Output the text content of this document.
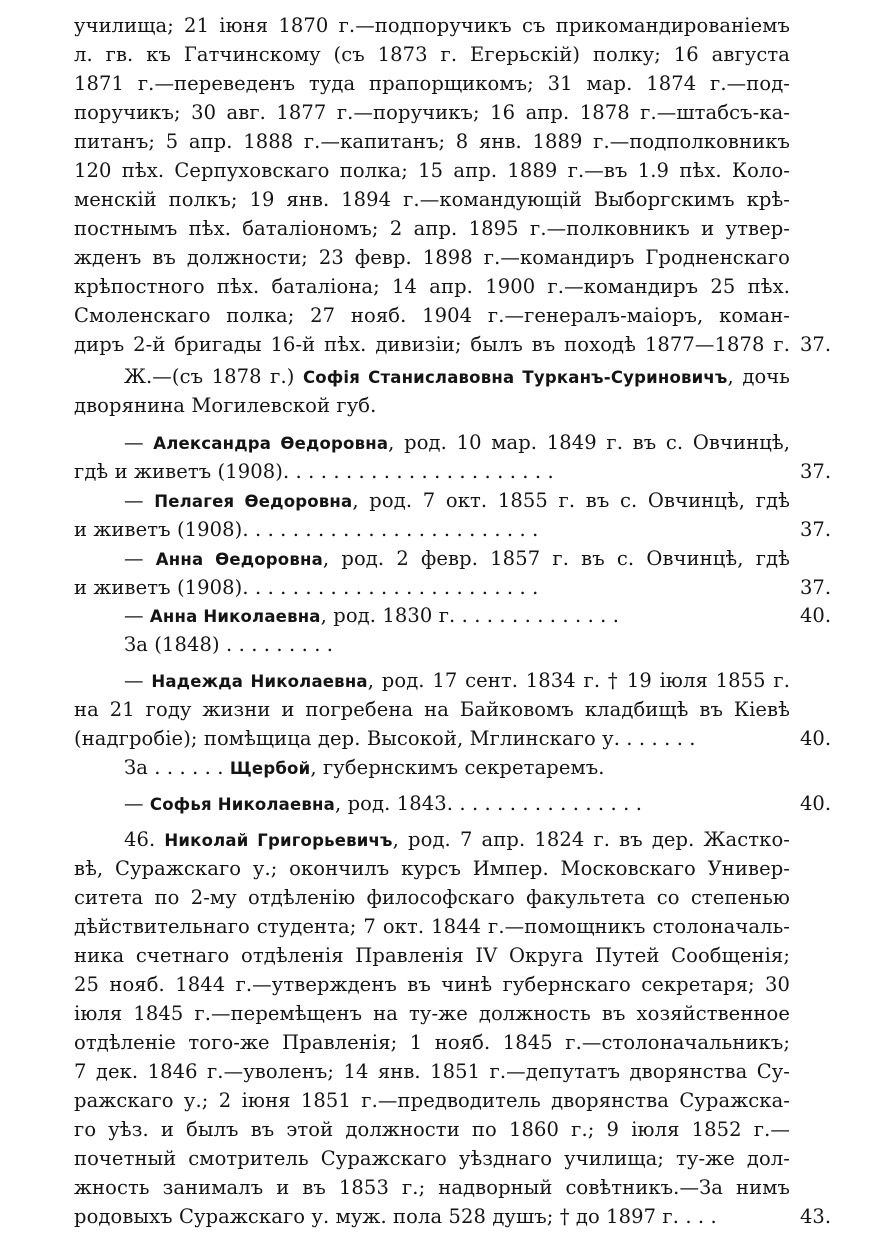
училища; 21 іюня 1870 г.—подпоручикъ съ прикомандированіемъ
л. гв. къ Гатчинскому (съ 1873 г. Егерьскій) полку; 16 августа
1871 г.—переведенъ туда прапорщикомъ; 31 мар. 1874 г.—под-
поручикъ; 30 авг. 1877 г.—поручикъ; 16 апр. 1878 г.—штабсъ-ка-
питанъ; 5 апр. 1888 г.—капитанъ; 8 янв. 1889 г.—подполковникъ
120 пѣх. Серпуховскаго полка; 15 апр. 1889 г.—въ 1.9 пѣх. Коло-
менскій полкъ; 19 янв. 1894 г.—командующій Выборгскимъ крѣ-
постнымъ пѣх. баталіономъ; 2 апр. 1895 г.—полковникъ и утвер-
жденъ въ должности; 23 февр. 1898 г.—командиръ Гродненскаго
крѣпостного пѣх. баталіона; 14 апр. 1900 г.—командиръ 25 пѣх.
Смоленскаго полка; 27 нояб. 1904 г.—генералъ-маіоръ, коман-
диръ 2-й бригады 16-й пѣх. дивизіи; былъ въ походѣ 1877—1878 г. 37.
Ж.—(съ 1878 г.) Софія Станиславовна Турканъ-Суриновичъ, дочь
дворянина Могилевской губ.
— Александра Ѳедоровна, род. 10 мар. 1849 г. въ с. Овчинцѣ,
гдѣ и живетъ (1908). . . . . . . . . . . . . . . . . . . . . .	37.
— Пелагея Ѳедоровна, род. 7 окт. 1855 г. въ с. Овчинцѣ, гдѣ
и живетъ (1908). . . . . . . . . . . . . . . . . . . . . . . .	37.
— Анна Ѳедоровна, род. 2 февр. 1857 г. въ с. Овчинцѣ, гдѣ
и живетъ (1908). . . . . . . . . . . . . . . . . . . . . . . .	37.
— Анна Николаевна, род. 1830 г. . . . . . . . . . . . . .	40.
За (1848) . . . . . . . . .
— Надежда Николаевна, род. 17 сент. 1834 г. † 19 іюля 1855 г.
на 21 году жизни и погребена на Байковомъ кладбищѣ въ Кіевѣ
(надгробіе); помѣщица дер. Высокой, Мглинскаго у. . . . . . .	40.
За . . . . . . Щербой, губернскимъ секретаремъ.
— Софья Николаевна, род. 1843. . . . . . . . . . . . . . . .	40.
46. Николай Григорьевичъ, род. 7 апр. 1824 г. въ дер. Жастко-
вѣ, Суражскаго у.; окончилъ курсъ Импер. Московскаго Универ-
ситета по 2-му отдѣленію философскаго факультета со степенью
дѣйствительнаго студента; 7 окт. 1844 г.—помощникъ столоначаль-
ника счетнаго отдѣленія Правленія IV Округа Путей Сообщенія;
25 нояб. 1844 г.—утвержденъ въ чинѣ губернскаго секретаря; 30
іюля 1845 г.—перемѣщенъ на ту-же должность въ хозяйственное
отдѣленіе того-же Правленія; 1 нояб. 1845 г.—столоначальникъ;
7 дек. 1846 г.—уволенъ; 14 янв. 1851 г.—депутатъ дворянства Су-
ражскаго у.; 2 іюня 1851 г.—предводитель дворянства Суражска-
го уѣз. и былъ въ этой должности по 1860 г.; 9 іюля 1852 г.—
почетный смотритель Суражскаго уѣзднаго училища; ту-же дол-
жность занималъ и въ 1853 г.; надворный совѣтникъ.—За нимъ
родовыхъ Суражскаго у. муж. пола 528 душъ; † до 1897 г. . . .	43.
